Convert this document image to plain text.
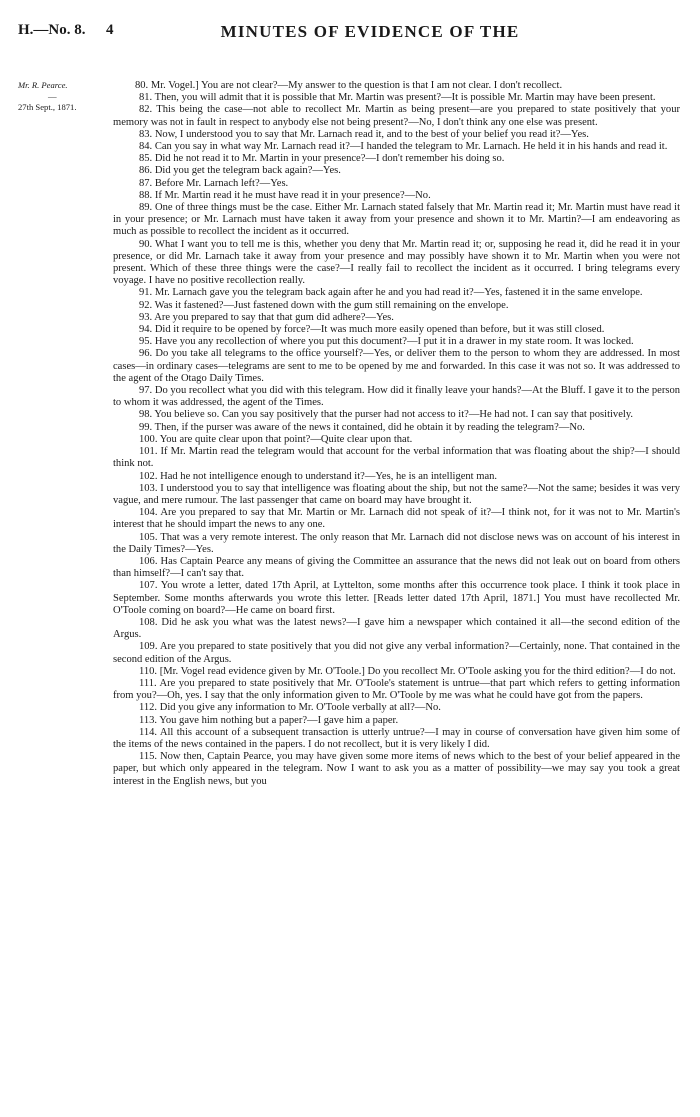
H.—No. 8. 4	MINUTES OF EVIDENCE OF THE
Mr. R. Pearce.
—
27th Sept., 1871.

80. Mr. Vogel.] You are not clear?—My answer to the question is that I am not clear. I don't recollect.

81. Then, you will admit that it is possible that Mr. Martin was present?—It is possible Mr. Martin may have been present.

82. This being the case—not able to recollect Mr. Martin as being present—are you prepared to state positively that your memory was not in fault in respect to anybody else not being present?—No, I don't think any one else was present.

83. Now, I understood you to say that Mr. Larnach read it, and to the best of your belief you read it?—Yes.

84. Can you say in what way Mr. Larnach read it?—I handed the telegram to Mr. Larnach. He held it in his hands and read it.

85. Did he not read it to Mr. Martin in your presence?—I don't remember his doing so.

86. Did you get the telegram back again?—Yes.

87. Before Mr. Larnach left?—Yes.

88. If Mr. Martin read it he must have read it in your presence?—No.

89. One of three things must be the case. Either Mr. Larnach stated falsely that Mr. Martin read it; Mr. Martin must have read it in your presence; or Mr. Larnach must have taken it away from your presence and shown it to Mr. Martin?—I am endeavoring as much as possible to recollect the incident as it occurred.

90. What I want you to tell me is this, whether you deny that Mr. Martin read it; or, supposing he read it, did he read it in your presence, or did Mr. Larnach take it away from your presence and may possibly have shown it to Mr. Martin when you were not present. Which of these three things were the case?—I really fail to recollect the incident as it occurred. I bring telegrams every voyage. I have no positive recollection really.

91. Mr. Larnach gave you the telegram back again after he and you had read it?—Yes, fastened it in the same envelope.

92. Was it fastened?—Just fastened down with the gum still remaining on the envelope.

93. Are you prepared to say that that gum did adhere?—Yes.

94. Did it require to be opened by force?—It was much more easily opened than before, but it was still closed.

95. Have you any recollection of where you put this document?—I put it in a drawer in my state room. It was locked.

96. Do you take all telegrams to the office yourself?—Yes, or deliver them to the person to whom they are addressed. In most cases—in ordinary cases—telegrams are sent to me to be opened by me and forwarded. In this case it was not so. It was addressed to the agent of the Otago Daily Times.

97. Do you recollect what you did with this telegram. How did it finally leave your hands?—At the Bluff. I gave it to the person to whom it was addressed, the agent of the Times.

98. You believe so. Can you say positively that the purser had not access to it?—He had not. I can say that positively.

99. Then, if the purser was aware of the news it contained, did he obtain it by reading the telegram?—No.

100. You are quite clear upon that point?—Quite clear upon that.

101. If Mr. Martin read the telegram would that account for the verbal information that was floating about the ship?—I should think not.

102. Had he not intelligence enough to understand it?—Yes, he is an intelligent man.

103. I understood you to say that intelligence was floating about the ship, but not the same?—Not the same; besides it was very vague, and mere rumour. The last passenger that came on board may have brought it.

104. Are you prepared to say that Mr. Martin or Mr. Larnach did not speak of it?—I think not, for it was not to Mr. Martin's interest that he should impart the news to any one.

105. That was a very remote interest. The only reason that Mr. Larnach did not disclose news was on account of his interest in the Daily Times?—Yes.

106. Has Captain Pearce any means of giving the Committee an assurance that the news did not leak out on board from others than himself?—I can't say that.

107. You wrote a letter, dated 17th April, at Lyttelton, some months after this occurrence took place. I think it took place in September. Some months afterwards you wrote this letter. [Reads letter dated 17th April, 1871.] You must have recollected Mr. O'Toole coming on board?—He came on board first.

108. Did he ask you what was the latest news?—I gave him a newspaper which contained it all—the second edition of the Argus.

109. Are you prepared to state positively that you did not give any verbal information?—Certainly, none. That contained in the second edition of the Argus.

110. [Mr. Vogel read evidence given by Mr. O'Toole.] Do you recollect Mr. O'Toole asking you for the third edition?—I do not.

111. Are you prepared to state positively that Mr. O'Toole's statement is untrue—that part which refers to getting information from you?—Oh, yes. I say that the only information given to Mr. O'Toole by me was what he could have got from the papers.

112. Did you give any information to Mr. O'Toole verbally at all?—No.

113. You gave him nothing but a paper?—I gave him a paper.

114. All this account of a subsequent transaction is utterly untrue?—I may in course of conversation have given him some of the items of the news contained in the papers. I do not recollect, but it is very likely I did.

115. Now then, Captain Pearce, you may have given some more items of news which to the best of your belief appeared in the paper, but which only appeared in the telegram. Now I want to ask you as a matter of possibility—we may say you took a great interest in the English news, but you
